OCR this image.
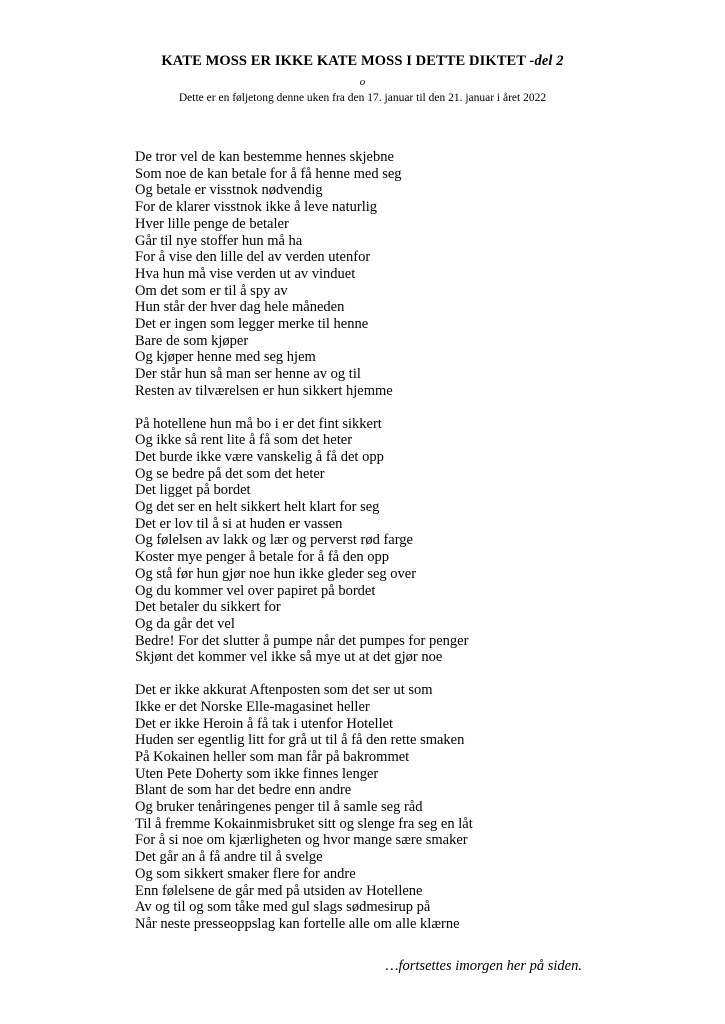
KATE MOSS ER IKKE KATE MOSS I DETTE DIKTET -del 2
o
Dette er en føljetong denne uken fra den 17. januar til den 21. januar i året 2022
De tror vel de kan bestemme hennes skjebne
Som noe de kan betale for å få henne med seg
Og betale er visstnok nødvendig
For de klarer visstnok ikke å leve naturlig
Hver lille penge de betaler
Går til nye stoffer hun må ha
For å vise den lille del av verden utenfor
Hva hun må vise verden ut av vinduet
Om det som er til å spy av
Hun står der hver dag hele måneden
Det er ingen som legger merke til henne
Bare de som kjøper
Og kjøper henne med seg hjem
Der står hun så man ser henne av og til
Resten av tilværelsen er hun sikkert hjemme
På hotellene hun må bo i er det fint sikkert
Og ikke så rent lite å få som det heter
Det burde ikke være vanskelig å få det opp
Og se bedre på det som det heter
Det ligget på bordet
Og det ser en helt sikkert helt klart for seg
Det er lov til å si at huden er vassen
Og følelsen av lakk og lær og perverst rød farge
Koster mye penger å betale for å få den opp
Og stå før hun gjør noe hun ikke gleder seg over
Og du kommer vel over papiret på bordet
Det betaler du sikkert for
Og da går det vel
Bedre! For det slutter å pumpe når det pumpes for penger
Skjønt det kommer vel ikke så mye ut at det gjør noe
Det er ikke akkurat Aftenposten som det ser ut som
Ikke er det Norske Elle-magasinet heller
Det er ikke Heroin å få tak i utenfor Hotellet
Huden ser egentlig litt for grå ut til å få den rette smaken
På Kokainen heller som man får på bakrommet
Uten Pete Doherty som ikke finnes lenger
Blant de som har det bedre enn andre
Og bruker tenåringenes penger til å samle seg råd
Til å fremme Kokainmisbruket sitt og slenge fra seg en låt
For å si noe om kjærligheten og hvor mange sære smaker
Det går an å få andre til å svelge
Og som sikkert smaker flere for andre
Enn følelsene de går med på utsiden av Hotellene
Av og til og som tåke med gul slags sødmesirup på
Når neste presseoppslag kan fortelle alle om alle klærne
…fortsettes imorgen her på siden.
